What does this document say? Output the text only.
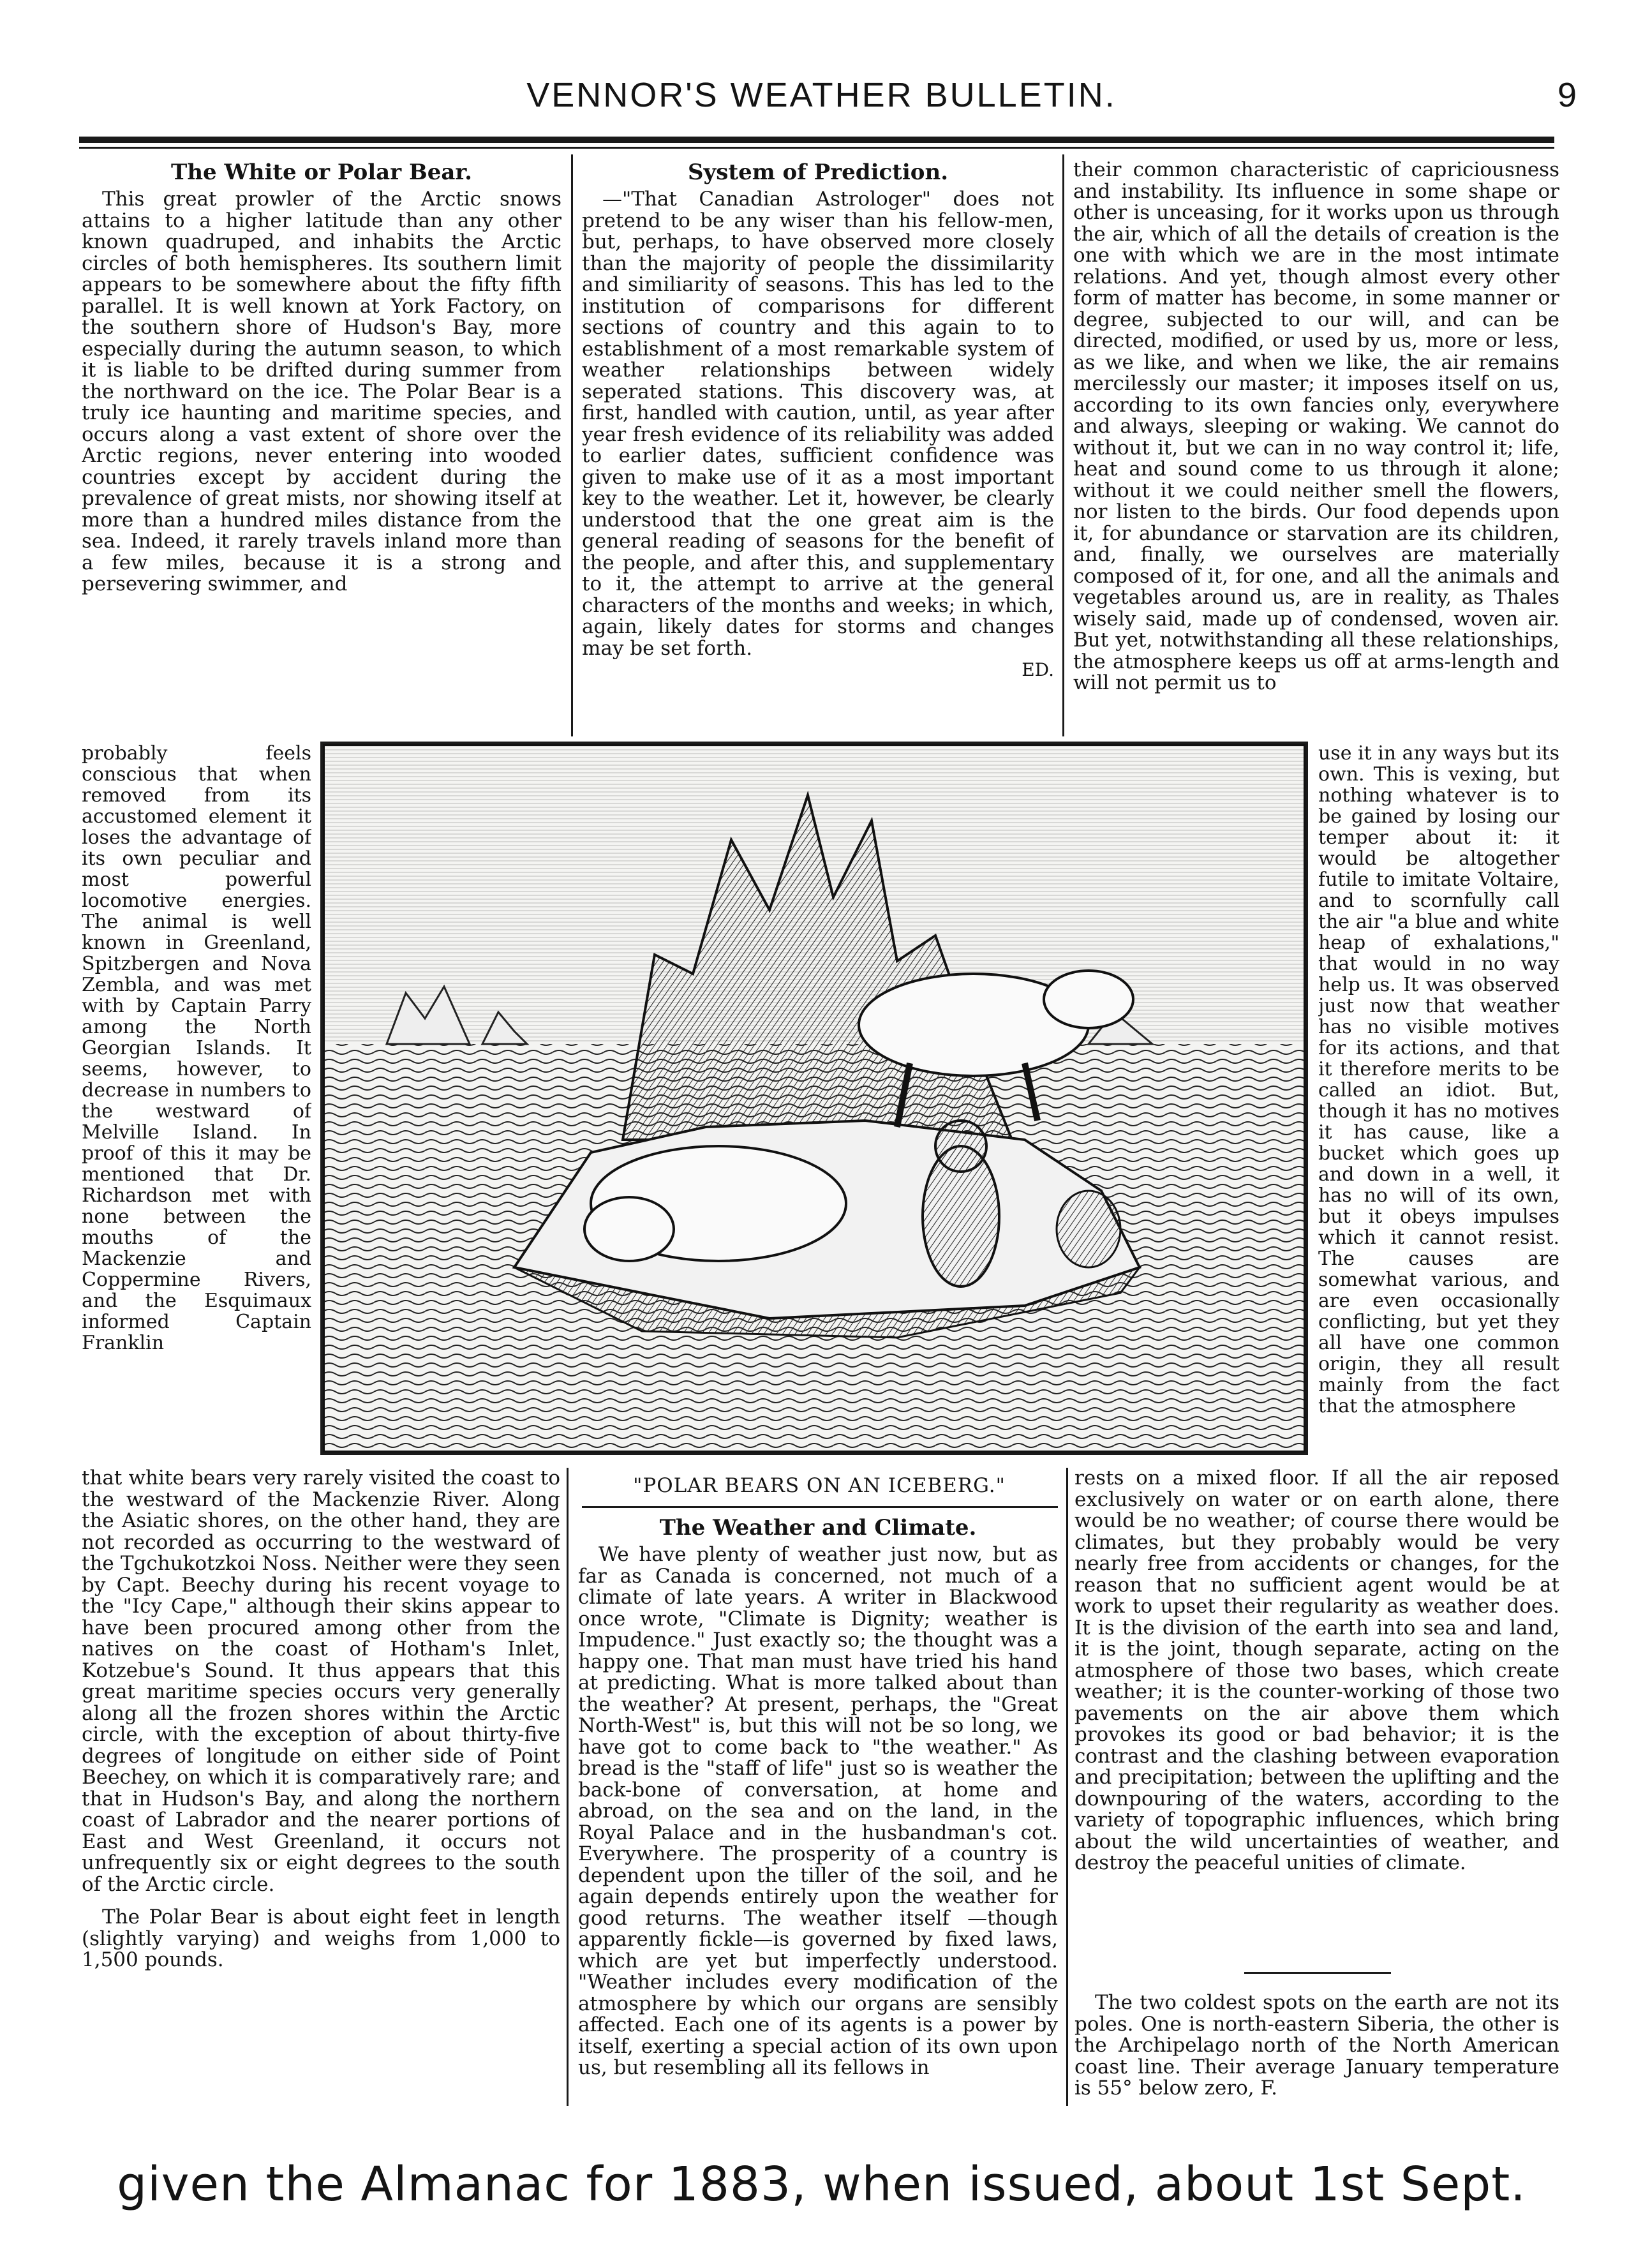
VENNOR'S WEATHER BULLETIN.	9
The White or Polar Bear.

This great prowler of the Arctic snows attains to a higher latitude than any other known quadruped, and inhabits the Arctic circles of both hemispheres. Its southern limit appears to be somewhere about the fifty fifth parallel. It is well known at York Factory, on the southern shore of Hudson's Bay, more especially during the autumn season, to which it is liable to be drifted during summer from the northward on the ice. The Polar Bear is a truly ice haunting and maritime species, and occurs along a vast extent of shore over the Arctic regions, never entering into wooded countries except by accident during the prevalence of great mists, nor showing itself at more than a hundred miles distance from the sea. Indeed, it rarely travels inland more than a few miles, because it is a strong and persevering swimmer, and

probably feels conscious that when removed from its accustomed element it loses the advantage of its own peculiar and most powerful locomotive energies. The animal is well known in Greenland, Spitzbergen and Nova Zembla, and was met with by Captain Parry among the North Georgian Islands. It seems, however, to decrease in numbers to the westward of Melville Island. In proof of this it may be mentioned that Dr. Richardson met with none between the mouths of the Mackenzie and Coppermine Rivers, and the Esquimaux informed Captain Franklin
System of Prediction.

—"That Canadian Astrologer" does not pretend to be any wiser than his fellow-men, but, perhaps, to have observed more closely than the majority of people the dissimilarity and similiarity of seasons. This has led to the institution of comparisons for different sections of country and this again to to establishment of a most remarkable system of weather relationships between widely seperated stations. This discovery was, at first, handled with caution, until, as year after year fresh evidence of its reliability was added to earlier dates, sufficient confidence was given to make use of it as a most important key to the weather. Let it, however, be clearly understood that the one great aim is the general reading of seasons for the benefit of the people, and after this, and supplementary to it, the attempt to arrive at the general characters of the months and weeks; in which, again, likely dates for storms and changes may be set forth.

ED.
their common characteristic of capriciousness and instability. Its influence in some shape or other is unceasing, for it works upon us through the air, which of all the details of creation is the one with which we are in the most intimate relations. And yet, though almost every other form of matter has become, in some manner or degree, subjected to our will, and can be directed, modified, or used by us, more or less, as we like, and when we like, the air remains mercilessly our master; it imposes itself on us, according to its own fancies only, everywhere and always, sleeping or waking. We cannot do without it, but we can in no way control it; life, heat and sound come to us through it alone; without it we could neither smell the flowers, nor listen to the birds. Our food depends upon it, for abundance or starvation are its children, and, finally, we ourselves are materially composed of it, for one, and all the animals and vegetables around us, are in reality, as Thales wisely said, made up of condensed, woven air. But yet, notwithstanding all these relationships, the atmosphere keeps us off at arms-length and will not permit us to
use it in any ways but its own. This is vexing, but nothing whatever is to be gained by losing our temper about it: it would be altogether futile to imitate Voltaire, and to scornfully call the air "a blue and white heap of exhalations," that would in no way help us. It was observed just now that weather has no visible motives for its actions, and that it therefore merits to be called an idiot. But, though it has no motives it has cause, like a bucket which goes up and down in a well, it has no will of its own, but it obeys impulses which it cannot resist. The causes are somewhat various, and are even occasionally conflicting, but yet they all have one common origin, they all result mainly from the fact that the atmosphere
"POLAR BEARS ON AN ICEBERG."

that white bears very rarely visited the coast to the westward of the Mackenzie River. Along the Asiatic shores, on the other hand, they are not recorded as occurring to the westward of the Tgchukotzkoi Noss. Neither were they seen by Capt. Beechy during his recent voyage to the "Icy Cape," although their skins appear to have been procured among other from the natives on the coast of Hotham's Inlet, Kotzebue's Sound. It thus appears that this great maritime species occurs very generally along all the frozen shores within the Arctic circle, with the exception of about thirty-five degrees of longitude on either side of Point Beechey, on which it is comparatively rare; and that in Hudson's Bay, and along the northern coast of Labrador and the nearer portions of East and West Greenland, it occurs not unfrequently six or eight degrees to the south of the Arctic circle.

The Polar Bear is about eight feet in length (slightly varying) and weighs from 1,000 to 1,500 pounds.

The Weather and Climate.

We have plenty of weather just now, but as far as Canada is concerned, not much of a climate of late years. A writer in Blackwood once wrote, "Climate is Dignity; weather is Impudence." Just exactly so; the thought was a happy one. That man must have tried his hand at predicting. What is more talked about than the weather? At present, perhaps, the "Great North-West" is, but this will not be so long, we have got to come back to "the weather." As bread is the "staff of life" just so is weather the back-bone of conversation, at home and abroad, on the sea and on the land, in the Royal Palace and in the husbandman's cot. Everywhere. The prosperity of a country is dependent upon the tiller of the soil, and he again depends entirely upon the weather for good returns. The weather itself —though apparently fickle—is governed by fixed laws, which are yet but imperfectly understood. "Weather includes every modification of the atmosphere by which our organs are sensibly affected. Each one of its agents is a power by itself, exerting a special action of its own upon us, but resembling all its fellows in

rests on a mixed floor. If all the air reposed exclusively on water or on earth alone, there would be no weather; of course there would be climates, but they probably would be very nearly free from accidents or changes, for the reason that no sufficient agent would be at work to upset their regularity as weather does. It is the division of the earth into sea and land, it is the joint, though separate, acting on the atmosphere of those two bases, which create weather; it is the counter-working of those two pavements on the air above them which provokes its good or bad behavior; it is the contrast and the clashing between evaporation and precipitation; between the uplifting and the downpouring of the waters, according to the variety of topographic influences, which bring about the wild uncertainties of weather, and destroy the peaceful unities of climate.

The two coldest spots on the earth are not its poles. One is north-eastern Siberia, the other is the Archipelago north of the North American coast line. Their average January temperature is 55° below zero, F.

given the Almanac for 1883, when issued, about 1st Sept.
